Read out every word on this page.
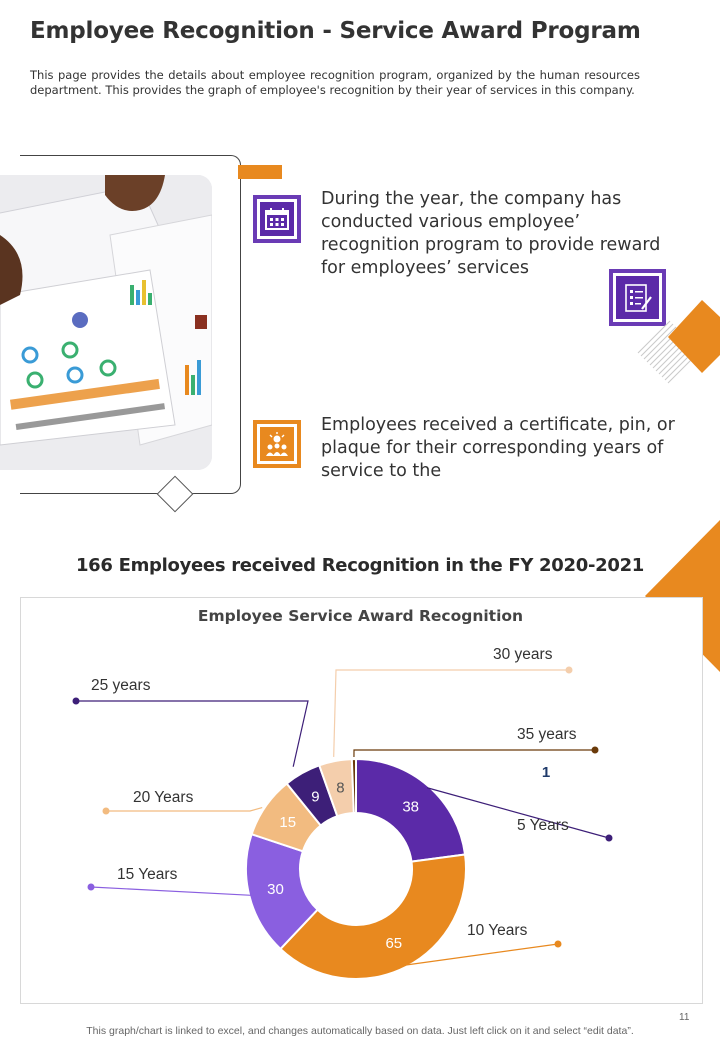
Employee Recognition - Service Award Program
This page provides the details about employee recognition program, organized by the human resources department. This provides the graph of employee's recognition by their year of services in this company.
During the year, the company has conducted various employee’ recognition program to provide reward for employees’ services
Employees received a certificate, pin, or plaque for their corresponding years of service to the
166 Employees received Recognition in the FY 2020-2021
Employee Service Award Recognition
38
5 Years
65
10 Years
30
15 Years
15
20 Years	9
25 years
8
30 years
1
35 years
11
This graph/chart is linked to excel, and changes automatically based on data. Just left click on it and select “edit data”.
